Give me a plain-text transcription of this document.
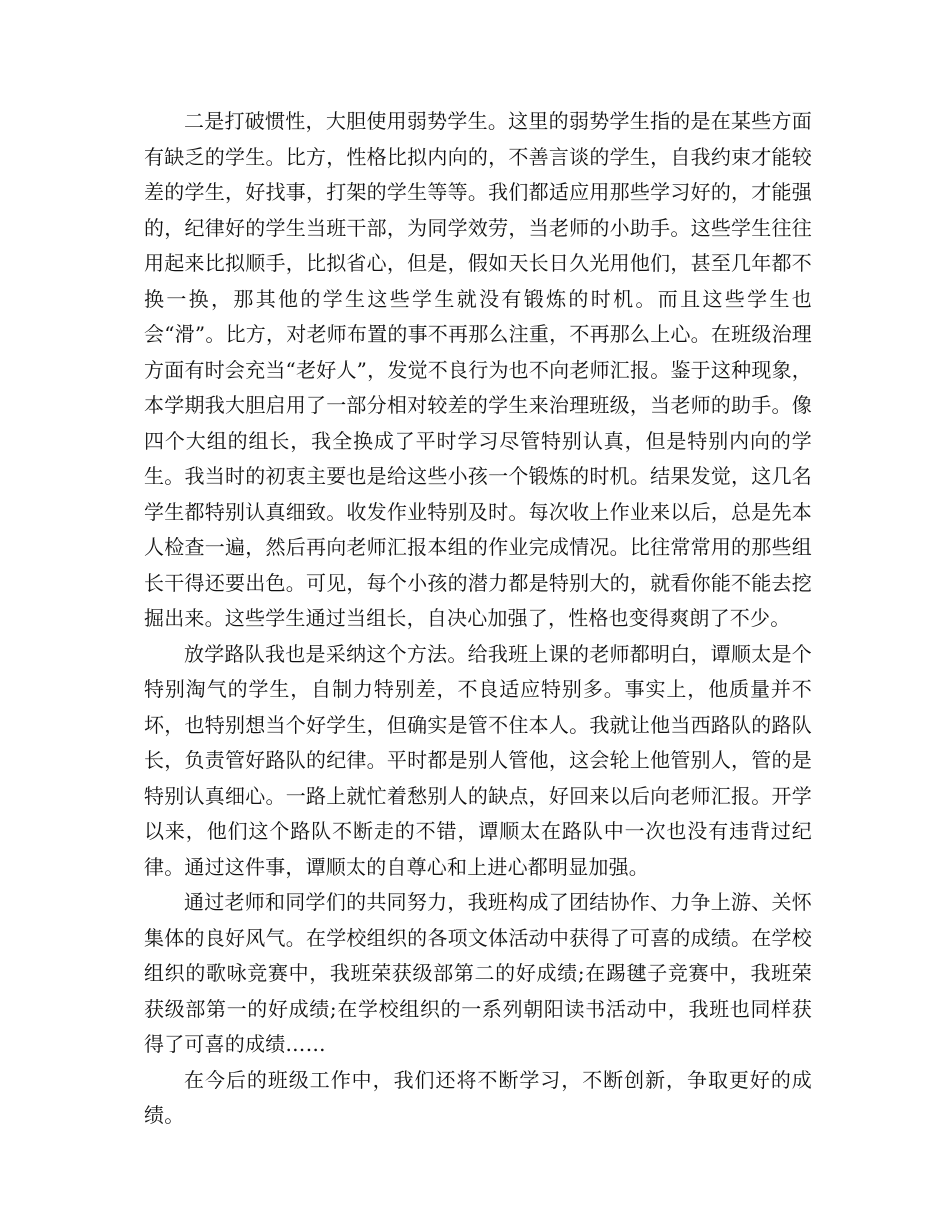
二是打破惯性，大胆使用弱势学生。这里的弱势学生指的是在某些方面有缺乏的学生。比方，性格比拟内向的，不善言谈的学生，自我约束才能较差的学生，好找事，打架的学生等等。我们都适应用那些学习好的，才能强的，纪律好的学生当班干部，为同学效劳，当老师的小助手。这些学生往往用起来比拟顺手，比拟省心，但是，假如天长日久光用他们，甚至几年都不换一换，那其他的学生这些学生就没有锻炼的时机。而且这些学生也会“滑”。比方，对老师布置的事不再那么注重，不再那么上心。在班级治理方面有时会充当“老好人”，发觉不良行为也不向老师汇报。鉴于这种现象，本学期我大胆启用了一部分相对较差的学生来治理班级，当老师的助手。像四个大组的组长，我全换成了平时学习尽管特别认真，但是特别内向的学生。我当时的初衷主要也是给这些小孩一个锻炼的时机。结果发觉，这几名学生都特别认真细致。收发作业特别及时。每次收上作业来以后，总是先本人检查一遍，然后再向老师汇报本组的作业完成情况。比往常常用的那些组长干得还要出色。可见，每个小孩的潜力都是特别大的，就看你能不能去挖掘出来。这些学生通过当组长，自决心加强了，性格也变得爽朗了不少。

放学路队我也是采纳这个方法。给我班上课的老师都明白，谭顺太是个特别淘气的学生，自制力特别差，不良适应特别多。事实上，他质量并不坏，也特别想当个好学生，但确实是管不住本人。我就让他当西路队的路队长，负责管好路队的纪律。平时都是别人管他，这会轮上他管别人，管的是特别认真细心。一路上就忙着愁别人的缺点，好回来以后向老师汇报。开学以来，他们这个路队不断走的不错，谭顺太在路队中一次也没有违背过纪律。通过这件事，谭顺太的自尊心和上进心都明显加强。

通过老师和同学们的共同努力，我班构成了团结协作、力争上游、关怀集体的良好风气。在学校组织的各项文体活动中获得了可喜的成绩。在学校组织的歌咏竞赛中，我班荣获级部第二的好成绩;在踢毽子竞赛中，我班荣获级部第一的好成绩;在学校组织的一系列朝阳读书活动中，我班也同样获得了可喜的成绩……

在今后的班级工作中，我们还将不断学习，不断创新，争取更好的成绩。
